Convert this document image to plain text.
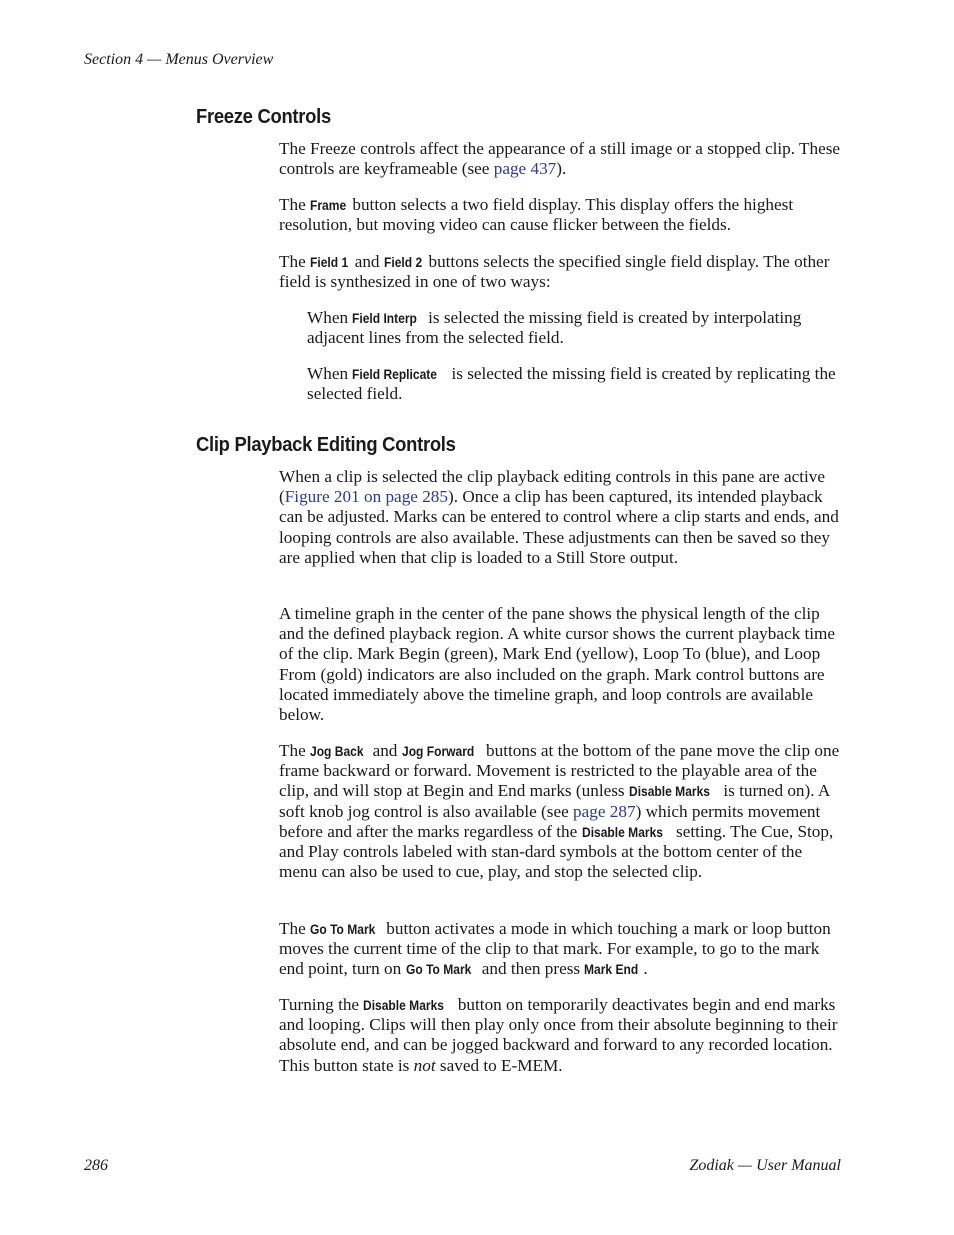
Section 4 — Menus Overview
Freeze Controls

The Freeze controls affect the appearance of a still image or a stopped clip. These controls are keyframeable (see page 437).

The Frame button selects a two field display. This display offers the highest resolution, but moving video can cause flicker between the fields.

The Field 1 and Field 2 buttons selects the specified single field display. The other field is synthesized in one of two ways:

When Field Interp is selected the missing field is created by interpolating adjacent lines from the selected field.

When Field Replicate is selected the missing field is created by replicating the selected field.

Clip Playback Editing Controls

When a clip is selected the clip playback editing controls in this pane are active (Figure 201 on page 285). Once a clip has been captured, its intended playback can be adjusted. Marks can be entered to control where a clip starts and ends, and looping controls are also available. These adjustments can then be saved so they are applied when that clip is loaded to a Still Store output.

A timeline graph in the center of the pane shows the physical length of the clip and the defined playback region. A white cursor shows the current playback time of the clip. Mark Begin (green), Mark End (yellow), Loop To (blue), and Loop From (gold) indicators are also included on the graph. Mark control buttons are located immediately above the timeline graph, and loop controls are available below.

The Jog Back and Jog Forward buttons at the bottom of the pane move the clip one frame backward or forward. Movement is restricted to the playable area of the clip, and will stop at Begin and End marks (unless Disable Marks is turned on). A soft knob jog control is also available (see page 287) which permits movement before and after the marks regardless of the Disable Marks setting. The Cue, Stop, and Play controls labeled with stan-dard symbols at the bottom center of the menu can also be used to cue, play, and stop the selected clip.

The Go To Mark button activates a mode in which touching a mark or loop button moves the current time of the clip to that mark. For example, to go to the mark end point, turn on Go To Mark and then press Mark End .

Turning the Disable Marks button on temporarily deactivates begin and end marks and looping. Clips will then play only once from their absolute beginning to their absolute end, and can be jogged backward and forward to any recorded location. This button state is not saved to E-MEM.

286	Zodiak — User Manual
